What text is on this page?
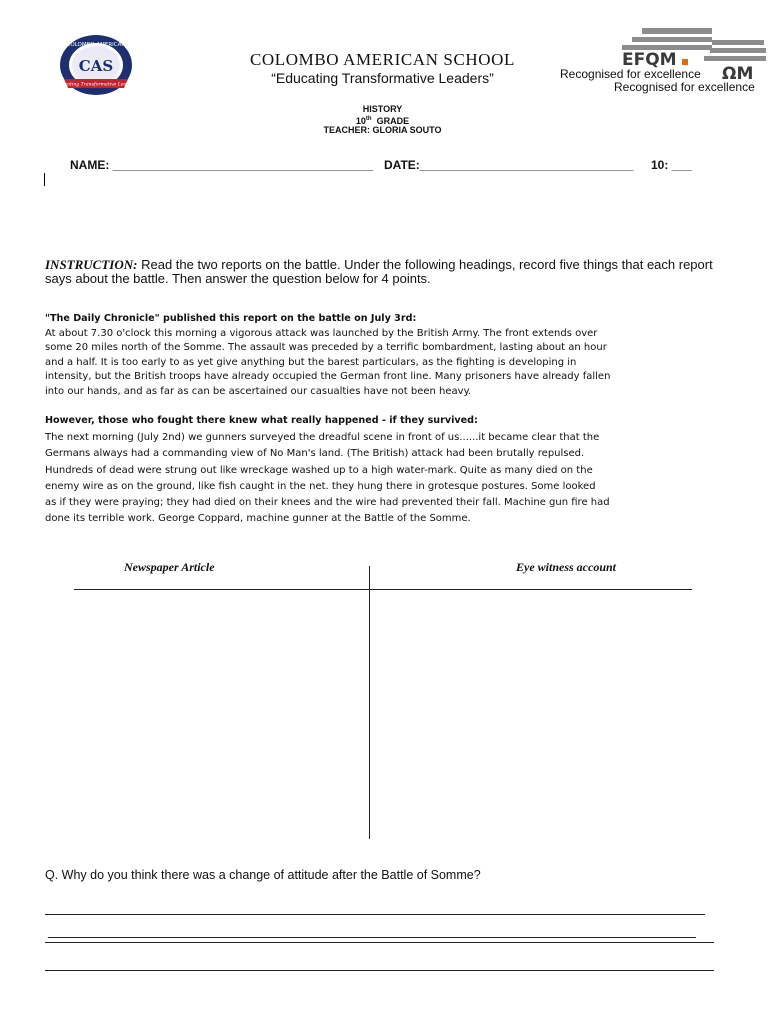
COLOMBO AMERICAN
CAS
Educating Transformative Leaders
COLOMBO AMERICAN SCHOOL
“Educating Transformative Leaders”
EFQM
ΩM
Recognised for excellence
Recognised for excellence
HISTORY
10th GRADE
TEACHER: GLORIA SOUTO
NAME: _______________________________________ DATE:________________________________ 10: ___
INSTRUCTION: Read the two reports on the battle. Under the following headings, record five things that each report says about the battle. Then answer the question below for 4 points.
"The Daily Chronicle" published this report on the battle on July 3rd:
At about 7.30 o'clock this morning a vigorous attack was launched by the British Army. The front extends over
some 20 miles north of the Somme. The assault was preceded by a terrific bombardment, lasting about an hour
and a half. It is too early to as yet give anything but the barest particulars, as the fighting is developing in
intensity, but the British troops have already occupied the German front line. Many prisoners have already fallen
into our hands, and as far as can be ascertained our casualties have not been heavy.
However, those who fought there knew what really happened - if they survived:
The next morning (July 2nd) we gunners surveyed the dreadful scene in front of us......it became clear that the
Germans always had a commanding view of No Man's land. (The British) attack had been brutally repulsed.
Hundreds of dead were strung out like wreckage washed up to a high water-mark. Quite as many died on the
enemy wire as on the ground, like fish caught in the net. they hung there in grotesque postures. Some looked
as if they were praying; they had died on their knees and the wire had prevented their fall. Machine gun fire had
done its terrible work. George Coppard, machine gunner at the Battle of the Somme.
Newspaper Article	Eye witness account
Q. Why do you think there was a change of attitude after the Battle of Somme?
